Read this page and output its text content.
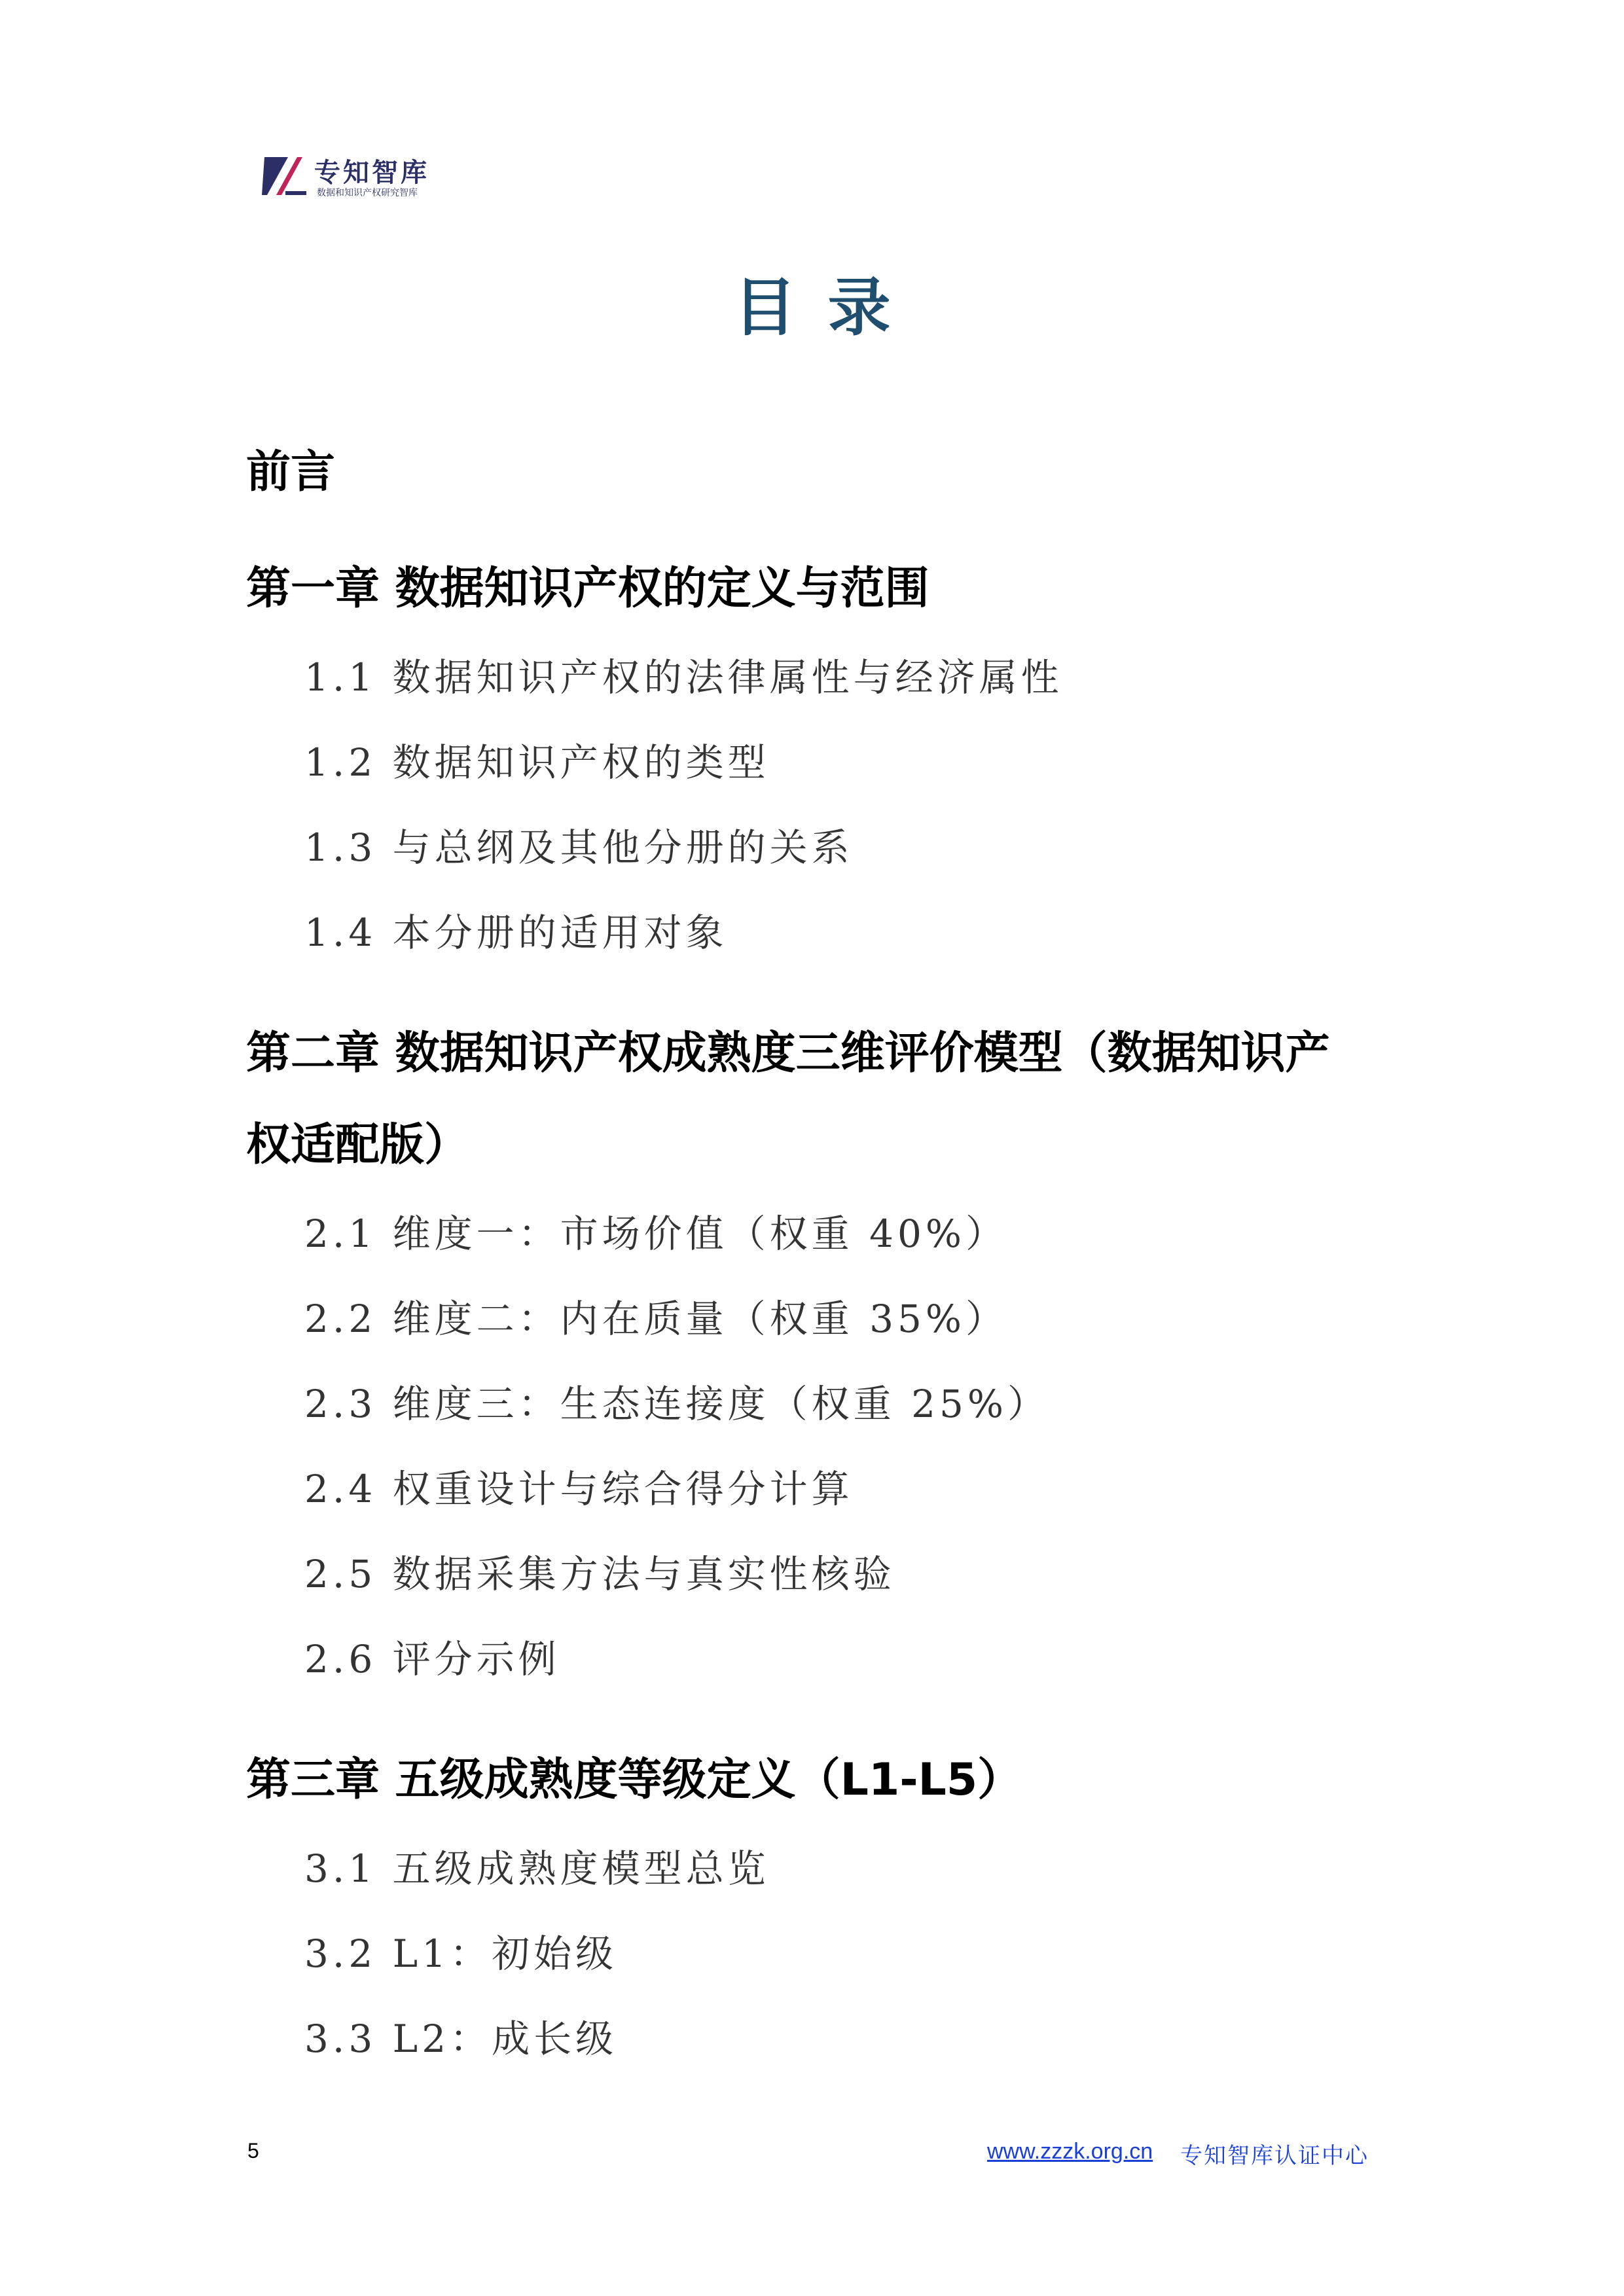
专知智库
数据和知识产权研究智库
目录
前言
第一章 数据知识产权的定义与范围
1.1 数据知识产权的法律属性与经济属性
1.2 数据知识产权的类型
1.3 与总纲及其他分册的关系
1.4 本分册的适用对象
第二章 数据知识产权成熟度三维评价模型（数据知识产
权适配版）
2.1 维度一：市场价值（权重 40%）
2.2 维度二：内在质量（权重 35%）
2.3 维度三：生态连接度（权重 25%）
2.4 权重设计与综合得分计算
2.5 数据采集方法与真实性核验
2.6 评分示例
第三章 五级成熟度等级定义（L1-L5）
3.1 五级成熟度模型总览
3.2 L1：初始级
3.3 L2：成长级
5	www.zzzk.org.cn 专知智库认证中心
